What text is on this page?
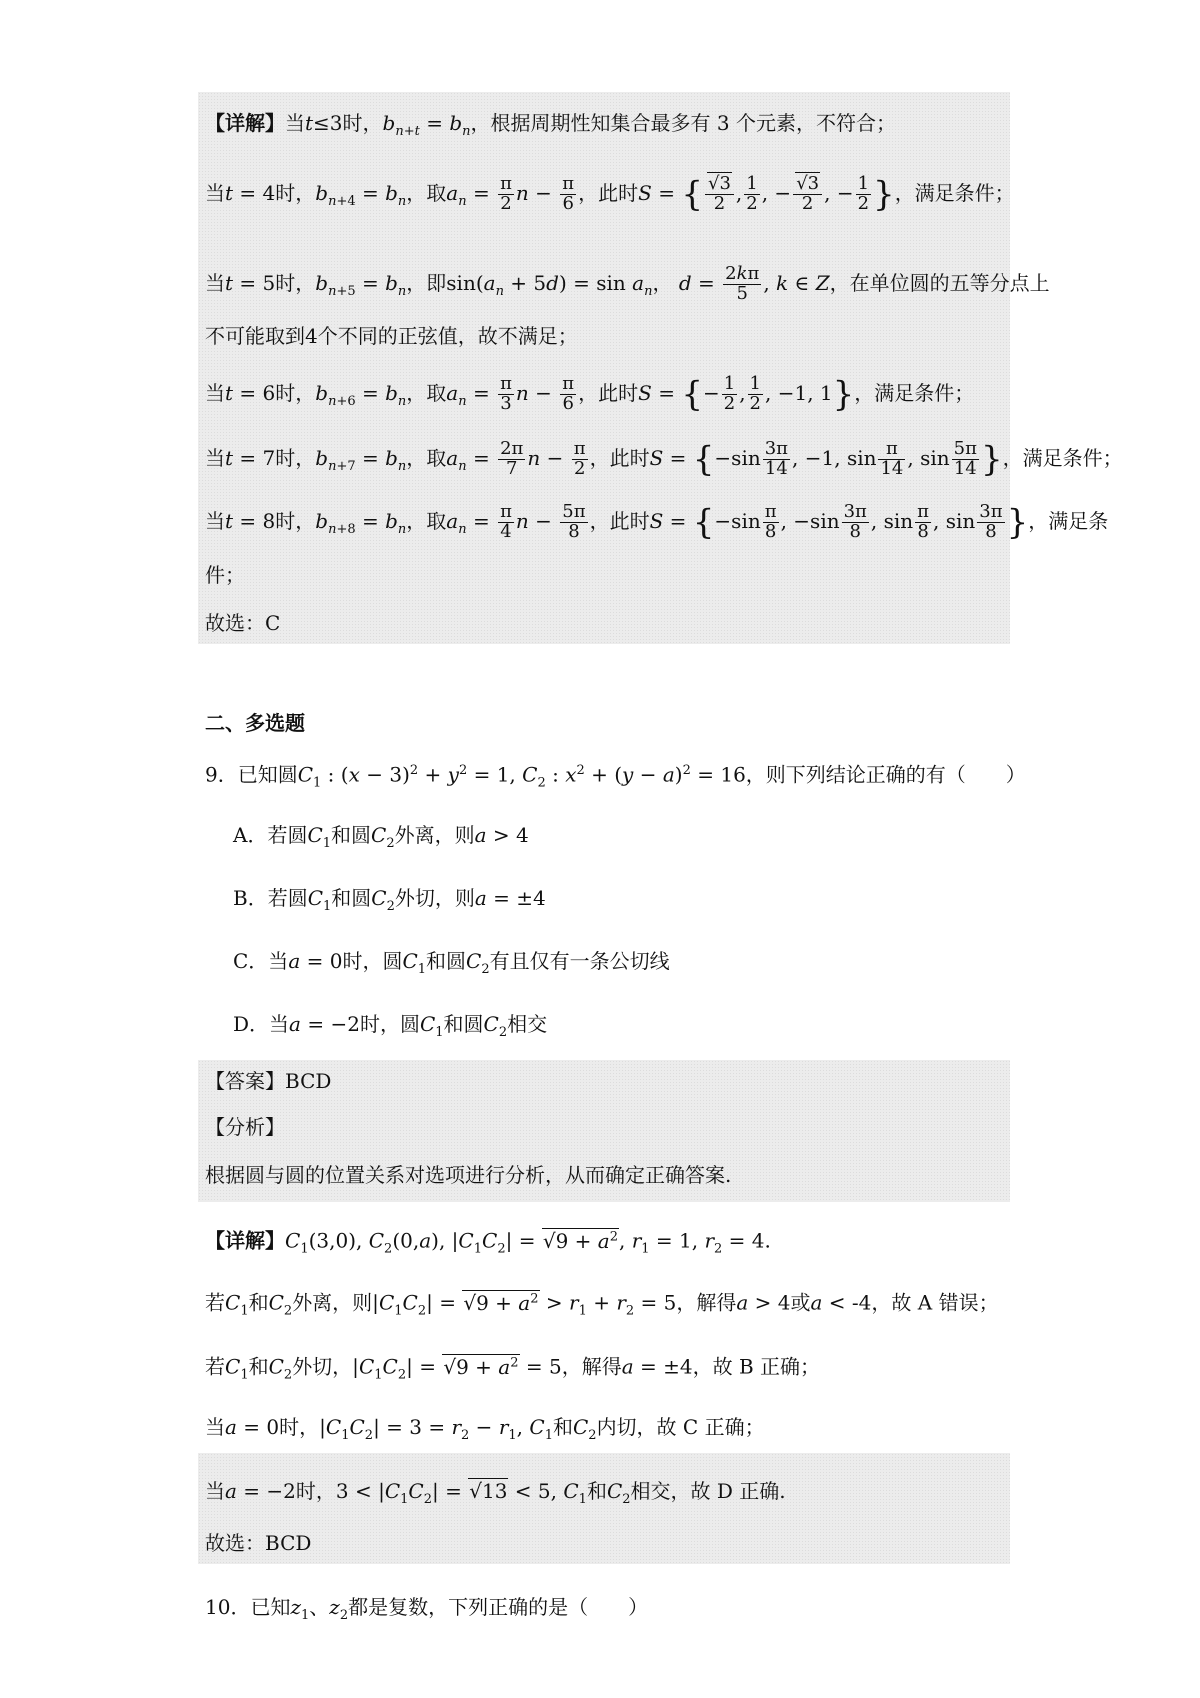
【详解】当t≤3时，$b_{n+t} = b_n$，根据周期性知集合最多有 3 个元素，不符合；
当t = 4时，$b_{n+4} = b_n$，取$a_n = \frac{\pi}{2}$ $n - \frac{\pi}{6}$ ，此时S = { $\frac{√3}{2}$ , $\frac{1}{2}$ , − $\frac{√3}{2}$ , − $\frac{1}{2}$ }，满足条件；
当t = 5时，$b_{n+5} = b_n$，即$\sin(a_n + 5d) = \sin a_n$， $d = \frac{2k\pi}{5}$ , k ∈ Z，在单位圆的五等分点上
不可能取到4个不同的正弦值，故不满足；
当t = 6时，$b_{n+6} = b_n$，取$a_n = \frac{\pi}{3}$ $n - \frac{\pi}{6}$ ，此时S = {− $\frac{1}{2}$ , $\frac{1}{2}$ , −1, 1}，满足条件；
当t = 7时，$b_{n+7} = b_n$，取$a_n = \frac{2\pi}{7}$ $n - \frac{\pi}{2}$ ，此时$S = \{-\sin \frac{3\pi}{14}$ , −1, $\sin \frac{\pi}{14}$ , $\sin \frac{5\pi}{14}$ }，满足条件；
当t = 8时，$b_{n+8} = b_n$，取$a_n = \frac{\pi}{4}$ $n - \frac{5\pi}{8}$ ，此时$S = \{-\sin \frac{\pi}{8}$ , $-\sin \frac{3\pi}{8}$ , $\sin \frac{\pi}{8}$ , $\sin \frac{3\pi}{8}$ }，满足条
件；
故选：C
二、多选题
9．已知圆$C_1$ : $(x - 3)^2 + y^2 = 1$, $C_2$ : $x^2 + (y - a)^2 = 16$，则下列结论正确的有（　　）
A．若圆$C_1$和圆$C_2$外离，则a > 4
B．若圆$C_1$和圆$C_2$外切，则a = ±4
C．当a = 0时，圆$C_1$和圆$C_2$有且仅有一条公切线
D．当a = −2时，圆$C_1$和圆$C_2$相交
【答案】BCD
【分析】
根据圆与圆的位置关系对选项进行分析，从而确定正确答案.
【详解】$C_1(3,0)$, $C_2(0,a)$, $|C_1C_2| = √9 + a^2$, $r_1 = 1$, $r_2 = 4$.
若$C_1$和$C_2$外离，则$|C_1C_2| = √9 + a^2 > r_1 + r_2 = 5$，解得a > 4或a < -4，故 A 错误；
若$C_1$和$C_2$外切，$|C_1C_2| = √9 + a^2 = 5$，解得a = ±4，故 B 正确；
当a = 0时，$|C_1C_2| = 3 = r_2 - r_1$, $C_1$和$C_2$内切，故 C 正确；
当a = −2时，$3 < |C_1C_2| = √13 < 5$, $C_1$和$C_2$相交，故 D 正确.
故选：BCD
10．已知$z_1$、$z_2$都是复数，下列正确的是（　　）
